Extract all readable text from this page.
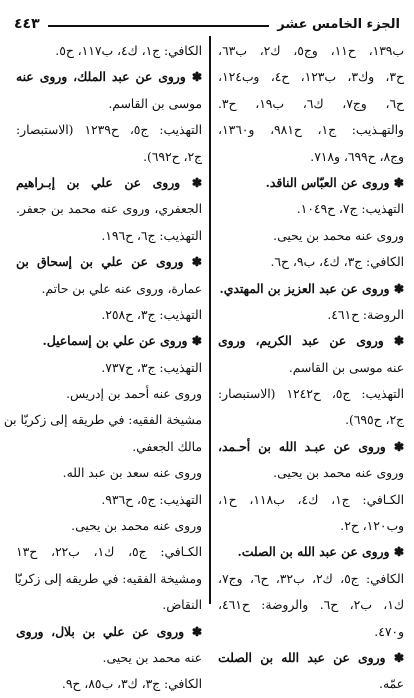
الجزء الخامس عشر
٤٤٣
ب١٣٩، ح١١، وج٥، ك٢، ب٦٣،
ح٣، وك٣، ب١٢٣، ح٤، وب١٢٤،
ح٦، وج٧، ك٦، ب١٩، ح٣.
والتهـذيب: ج١، ح٩٨١، و١٣٦٠،
وج٨، ح٦٩٩، و٧١٨.
✽ وروى عن العبّاس الناقد.
التهذيب: ج٧، ح١٠٤٩.
وروى عنه محمد بن يحيى.
الكافي: ج٣، ك٤، ب٩، ح٦.
✽ وروى عن عبد العزيز بن المهتدي.
الروضة: ح٤٦١.
✽ وروى عن عبد الكريم، وروى
عنه موسى بن القاسم.
التهذيب: ج٥، ح١٢٤٢ (الاستبصار:
ج٢، ح٦٩٥).
✽ وروى عن عبـد الله بن أحـمد،
وروى عنه محمد بن يحيى.
الكـافي: ج١، ك٤، ب١١٨، ح١،
وب١٢٠، ح٢.
✽ وروى عن عبد الله بن الصلت.
الكافي: ج٥، ك٢، ب٣٢، ح٦، وج٧،
ك١، ب٢، ح٦. والروضة: ح٤٦١،
و٤٧٠.
✽ وروى عن عبد الله بن الصلت
عمّه.
الكافي: ج١، ك٤، ب١١٧، ح٥.
✽ وروى عن عبد الملك، وروى عنه
موسى بن القاسم.
التهذيب: ج٥، ح١٢٣٩ (الاستبصار:
ج٢، ح٦٩٢).
✽ وروى عن علي بن إبـراهيم
الجعفري، وروى عنه محمد بن جعفر.
التهذيب: ج٦، ح١٩٦.
✽ وروى عن علي بن إسحاق بن
عمارة، وروى عنه علي بن حاتم.
التهذيب: ج٣، ح٢٥٨.
✽ وروى عن علي بن إسماعيل.
التهذيب: ج٣، ح٧٣٧.
وروى عنه أحمد بن إدريس.
مشيخة الفقيه: في طريقه إلى زكريّا بن
مالك الجعفي.
وروى عنه سعد بن عبد الله.
التهذيب: ج٥، ح٩٣٦.
وروى عنه محمد بن يحيى.
الكـافي: ج٥، ك١، ب٢٢، ح١٣
ومشيخة الفقيه: في طريقه إلى زكريّا
النقاض.
✽ وروى عن علي بن بلال، وروى
عنه محمد بن يحيى.
الكافي: ج٣، ك٣، ب٨٥، ح٩.
